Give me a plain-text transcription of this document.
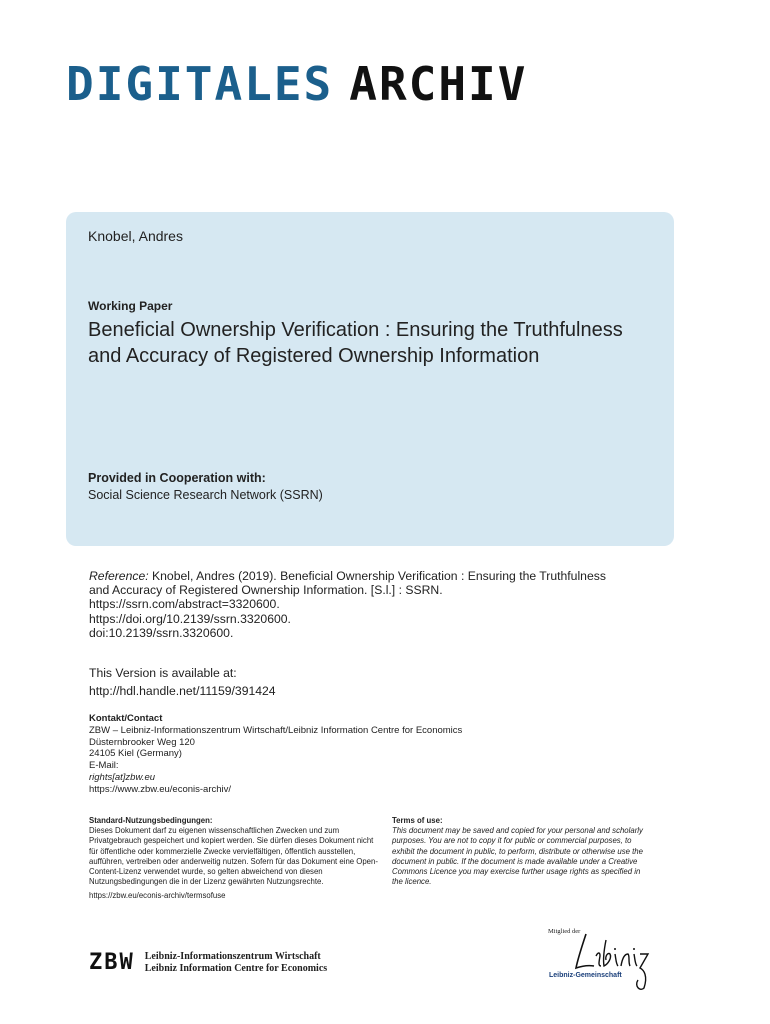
DIGITALES ARCHIV
Knobel, Andres
Working Paper
Beneficial Ownership Verification : Ensuring the Truthfulness and Accuracy of Registered Ownership Information
Provided in Cooperation with:
Social Science Research Network (SSRN)
Reference: Knobel, Andres (2019). Beneficial Ownership Verification : Ensuring the Truthfulness
and Accuracy of Registered Ownership Information. [S.l.] : SSRN.
https://ssrn.com/abstract=3320600.
https://doi.org/10.2139/ssrn.3320600.
doi:10.2139/ssrn.3320600.
This Version is available at:
http://hdl.handle.net/11159/391424
Kontakt/Contact
ZBW – Leibniz-Informationszentrum Wirtschaft/Leibniz Information Centre for Economics
Düsternbrooker Weg 120
24105 Kiel (Germany)
E-Mail:
rights[at]zbw.eu
https://www.zbw.eu/econis-archiv/
Standard-Nutzungsbedingungen:
Dieses Dokument darf zu eigenen wissenschaftlichen Zwecken und zum Privatgebrauch gespeichert und kopiert werden. Sie dürfen dieses Dokument nicht für öffentliche oder kommerzielle Zwecke vervielfältigen, öffentlich ausstellen, aufführen, vertreiben oder anderweitig nutzen. Sofern für das Dokument eine Open-Content-Lizenz verwendet wurde, so gelten abweichend von diesen Nutzungsbedingungen die in der Lizenz gewährten Nutzungsrechte.
https://zbw.eu/econis-archiv/termsofuse
Terms of use:
This document may be saved and copied for your personal and scholarly purposes. You are not to copy it for public or commercial purposes, to exhibit the document in public, to perform, distribute or otherwise use the document in public. If the document is made available under a Creative Commons Licence you may exercise further usage rights as specified in the licence.
ZBW Leibniz-Informationszentrum Wirtschaft
Leibniz Information Centre for Economics
Mitglied der
Leibniz-Gemeinschaft
